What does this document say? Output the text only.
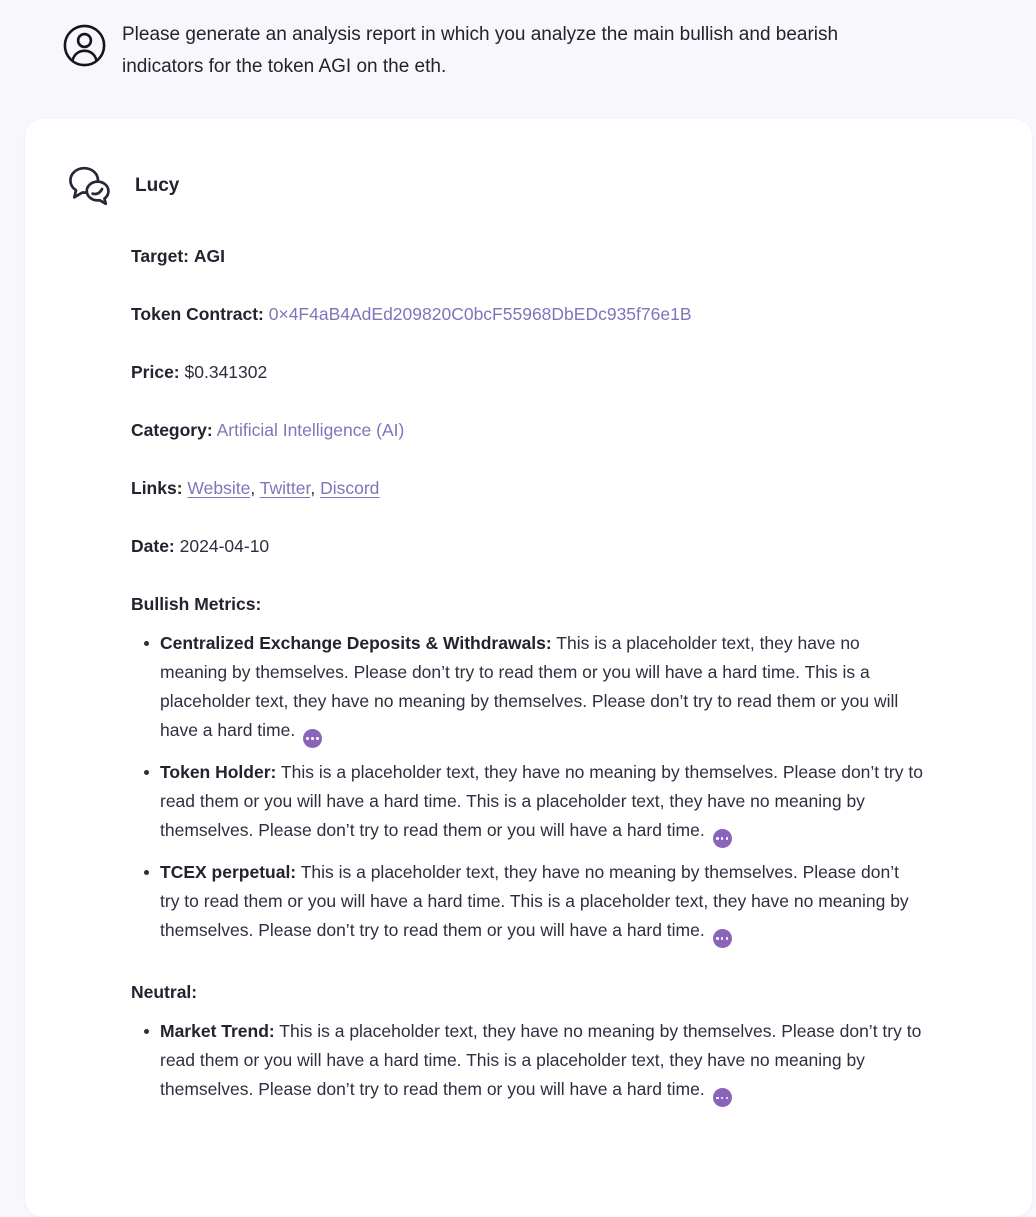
Please generate an analysis report in which you analyze the main bullish and bearish indicators for the token AGI on the eth.

Lucy

Target: AGI

Token Contract: 0×4F4aB4AdEd209820C0bcF55968DbEDc935f76e1B

Price: $0.341302

Category: Artificial Intelligence (AI)

Links: Website, Twitter, Discord

Date: 2024-04-10

Bullish Metrics:

Centralized Exchange Deposits & Withdrawals: This is a placeholder text, they have no meaning by themselves. Please don’t try to read them or you will have a hard time. This is a placeholder text, they have no meaning by themselves. Please don’t try to read them or you will have a hard time.
Token Holder: This is a placeholder text, they have no meaning by themselves. Please don’t try to read them or you will have a hard time. This is a placeholder text, they have no meaning by themselves. Please don’t try to read them or you will have a hard time.
TCEX perpetual: This is a placeholder text, they have no meaning by themselves. Please don’t try to read them or you will have a hard time. This is a placeholder text, they have no meaning by themselves. Please don’t try to read them or you will have a hard time.

Neutral:

Market Trend: This is a placeholder text, they have no meaning by themselves. Please don’t try to read them or you will have a hard time. This is a placeholder text, they have no meaning by themselves. Please don’t try to read them or you will have a hard time.
